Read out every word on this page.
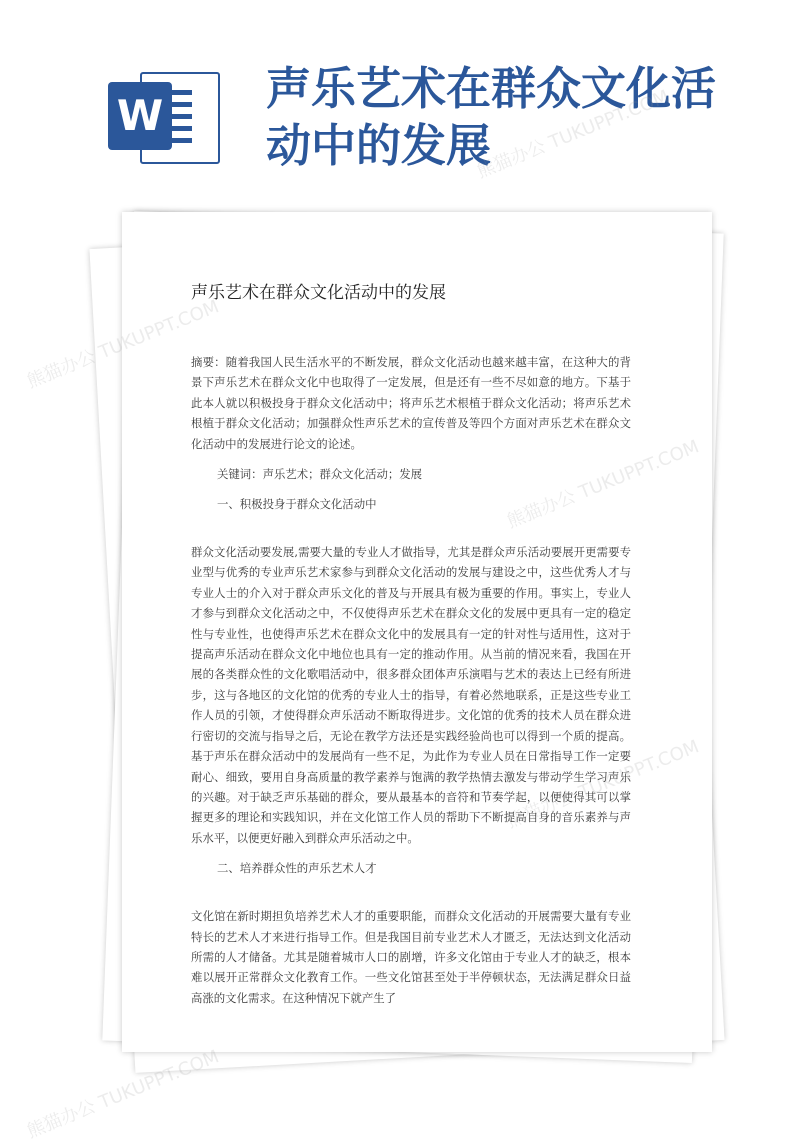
W
声乐艺术在群众文化活动中的发展
声乐艺术在群众文化活动中的发展

摘要：随着我国人民生活水平的不断发展，群众文化活动也越来越丰富，在这种大的背景下声乐艺术在群众文化中也取得了一定发展，但是还有一些不尽如意的地方。下基于此本人就以积极投身于群众文化活动中；将声乐艺术根植于群众文化活动；将声乐艺术根植于群众文化活动；加强群众性声乐艺术的宣传普及等四个方面对声乐艺术在群众文化活动中的发展进行论文的论述。

关键词：声乐艺术；群众文化活动；发展

一、积极投身于群众文化活动中

群众文化活动要发展,需要大量的专业人才做指导，尤其是群众声乐活动要展开更需要专业型与优秀的专业声乐艺术家参与到群众文化活动的发展与建设之中，这些优秀人才与专业人士的介入对于群众声乐文化的普及与开展具有极为重要的作用。事实上，专业人才参与到群众文化活动之中，不仅使得声乐艺术在群众文化的发展中更具有一定的稳定性与专业性，也使得声乐艺术在群众文化中的发展具有一定的针对性与适用性，这对于提高声乐活动在群众文化中地位也具有一定的推动作用。从当前的情况来看，我国在开展的各类群众性的文化歌唱活动中，很多群众团体声乐演唱与艺术的表达上已经有所进步，这与各地区的文化馆的优秀的专业人士的指导，有着必然地联系，正是这些专业工作人员的引领，才使得群众声乐活动不断取得进步。文化馆的优秀的技术人员在群众进行密切的交流与指导之后，无论在教学方法还是实践经验尚也可以得到一个质的提高。基于声乐在群众活动中的发展尚有一些不足，为此作为专业人员在日常指导工作一定要耐心、细致，要用自身高质量的教学素养与饱满的教学热情去激发与带动学生学习声乐的兴趣。对于缺乏声乐基础的群众，要从最基本的音符和节奏学起，以便使得其可以掌握更多的理论和实践知识，并在文化馆工作人员的帮助下不断提高自身的音乐素养与声乐水平，以便更好融入到群众声乐活动之中。

二、培养群众性的声乐艺术人才

文化馆在新时期担负培养艺术人才的重要职能，而群众文化活动的开展需要大量有专业特长的艺术人才来进行指导工作。但是我国目前专业艺术人才匮乏，无法达到文化活动所需的人才储备。尤其是随着城市人口的剧增，许多文化馆由于专业人才的缺乏，根本难以展开正常群众文化教育工作。一些文化馆甚至处于半停顿状态，无法满足群众日益高涨的文化需求。在这种情况下就产生了

熊猫办公 TUKUPPT.COM
熊猫办公
熊猫办公 TUKUPPT.COM
